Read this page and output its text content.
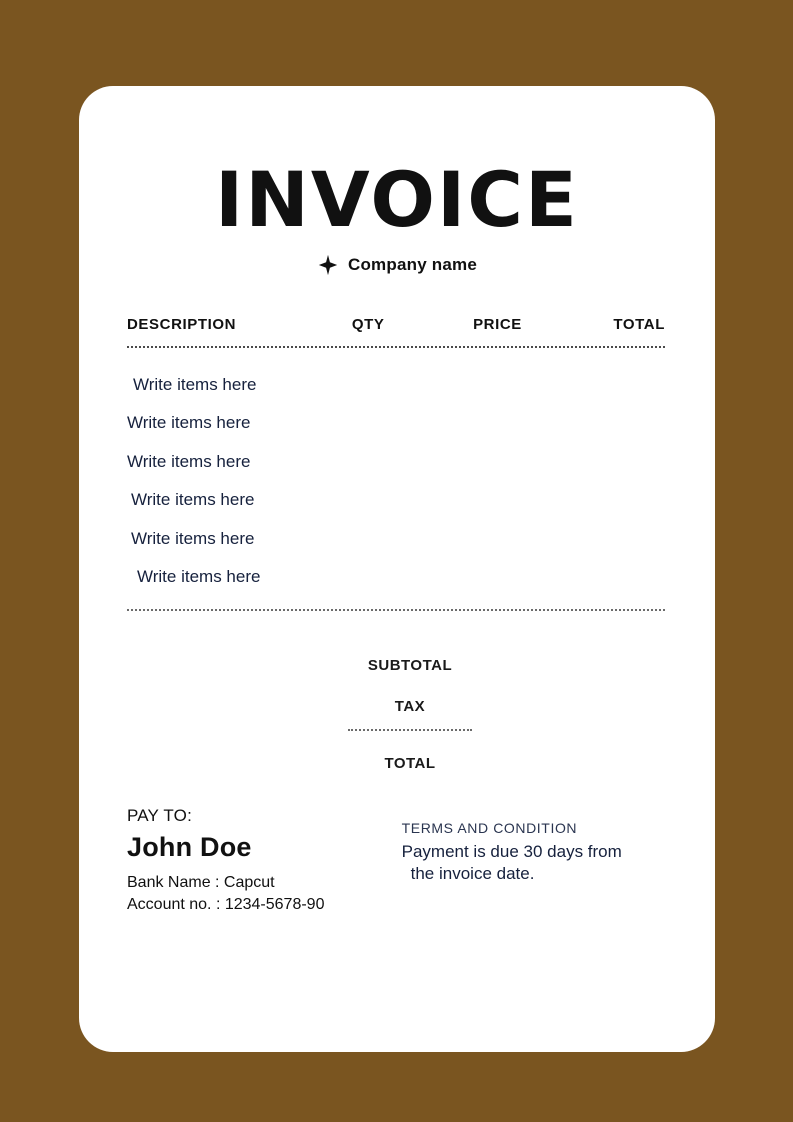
INVOICE
Company name
DESCRIPTION	QTY	PRICE	TOTAL
Write items here
Write items here
Write items here
Write items here
Write items here
Write items here
SUBTOTAL
TAX
TOTAL
PAY TO:
John Doe
Bank Name : Capcut
Account no. : 1234-5678-90
TERMS AND CONDITION
Payment is due 30 days from
the invoice date.
